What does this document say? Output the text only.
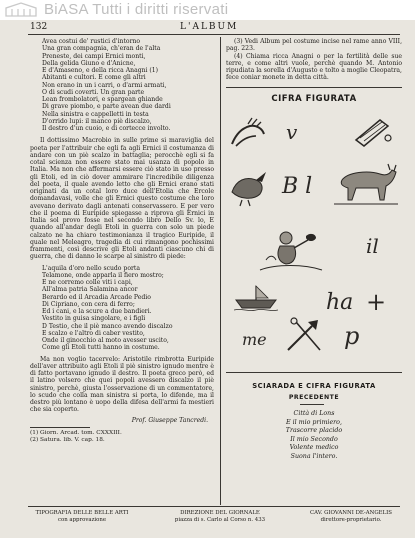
BiASA Tutti i diritti riservati
132	L'ALBUM

Avea costui de' rustici d'intorno

Una gran compagnia, ch'eran de l'alta

Preneste, dei campi Ernici monti,

Della gelida Giuno e d'Anicne,

E d'Amaseno, e della ricca Anagni (1)

Abitanti e cultori. E come gli altri

Non erano in un i carri, o d'armi armati,

O di scudi coverti. Un gran parte

Lean frombolatori, e spargean ghiande

Di grave piombo, e parte avean due dardi

Nella sinistra e cappelletti in testa

D'orrido lupi: il manco piè discalzo,

Il destro d'un cuoio, e di cortecce involto.

Il dottissimo Macrobio in sulle prime si maraviglia del poeta per l'attribuir che egli fa agli Ernici il costumanza di andare con un piè scalzo in battaglia; perocchè egli si fa cotal scienza non essere stato mai usanza di popolo in Italia. Ma non che affermarsi essere ciò stato in uso presso gli Etoli, ed in ciò dover ammirare l'incredibile diligenza del poeta, il quale avendo letto che gli Ernici erano stati originati da un cotal loro duce dell'Etolia che Ercole domandavasi, volle che gli Ernici questo costume che loro avevano derivato dagli antenati conservassero. E per vero che il poema di Euripide spiegasse a riprova gli Ernici in Italia sol provo fosse nel secondo libro Dello Sv. lo, E quando all'andar degli Etoli in guerra con solo un piede calzato ne ha chiaro testimonianza il tragico Euripide, il quale nel Meleagro, tragedia di cui rimangono pochissimi frammenti, così descrive gli Etoli andanti ciascuno chi di guerra, che di danno le scarpe al sinistro di piede:

L'aquila d'oro nello scudo porta

Telamone, onde apparla il fiero mostro;

E ne corremo colle viti i capi,

All'alma patria Salamina ancor

Berardo ed il Arcadia Arcade Pedio

Di Cipriano, con cera di ferro;

Ed i cani, e la scure a due bandieri.

Vestito in guisa singolare, e i figli

D Testio, che il piè manco avendo discalzo

E scalzo e l'altro di caber vestito,

Onde il ginocchio al moto avesser uscito,

Come gli Etoli tutti hanno in costume.

Ma non voglio tacervelo: Aristotile rimbrotta Euripide dell'aver attribuito agli Etoli il piè sinistro ignudo mentre è di fatto portavano ignudo il destro. Il poeta greco però, ed il latino volsero che quei popoli avessero discalzo il piè sinistro, perchè, giusta l'osservazione di un commentatore, lo scudo che colla man sinistra si porta, lo difende, ma il destro più lontano è uopo della difesa dell'armi fa mestieri che sia coperto.

Prof. Giuseppe Tancredi.

(1) Giorn. Arcad. tom. CXXXIII.

(2) Satura. lib. V. cap. 18.

(3) Vedi Album pel costume incise nel rame anno VIII, pag. 223.

(4) Chiama ricca Anagni o per la fertilità delle sue terre, e come altri vuole, perchè quando M. Antonio ripudiata la sorella d'Augusto e tolto a moglie Cleopatra, fece coniar monete in detta città.

CIFRA FIGURATA
v
B l
il
ha +
me	p
SCIARADA E CIFRA FIGURATA
PRECEDENTE
Città di Lons
E il mio primiero,
Trascorre placido
Il mio Secondo
Volente medico
Suona l'intero.
TIPOGRAFIA DELLE BELLE ARTI
con approvazione
DIREZIONE DEL GIORNALE
piazza di s. Carlo al Corso n. 433
CAV. GIOVANNI DE-ANGELIS
direttore-proprietario.
